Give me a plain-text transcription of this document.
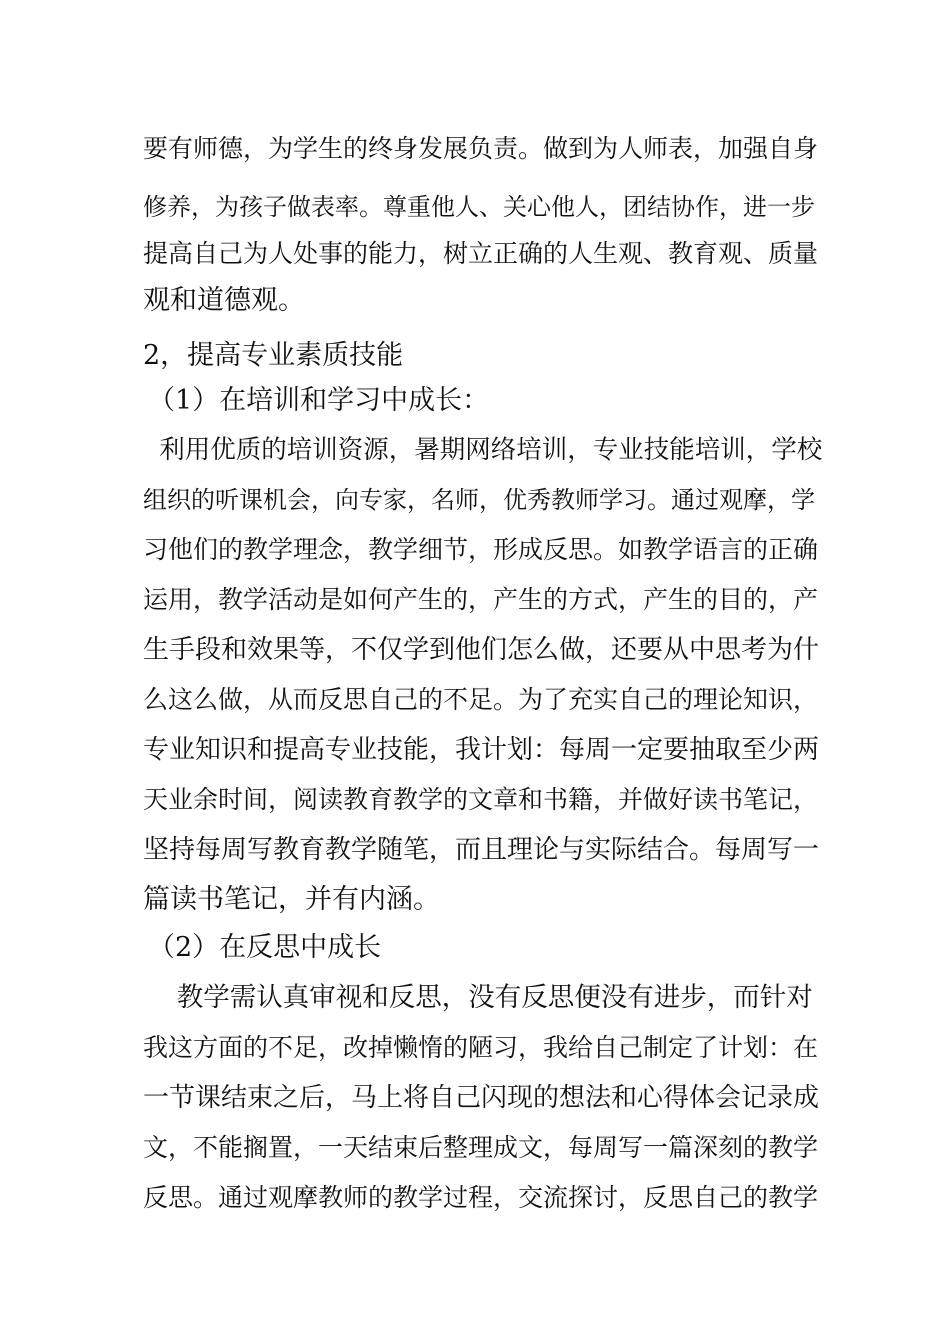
要有师德，为学生的终身发展负责。做到为人师表，加强自身
修养，为孩子做表率。尊重他人、关心他人，团结协作，进一步
提高自己为人处事的能力，树立正确的人生观、教育观、质量
观和道德观。
2，提高专业素质技能
（1）在培训和学习中成长：
利用优质的培训资源，暑期网络培训，专业技能培训，学校
组织的听课机会，向专家，名师，优秀教师学习。通过观摩，学
习他们的教学理念，教学细节，形成反思。如教学语言的正确
运用，教学活动是如何产生的，产生的方式，产生的目的，产
生手段和效果等，不仅学到他们怎么做，还要从中思考为什
么这么做，从而反思自己的不足。为了充实自己的理论知识，
专业知识和提高专业技能，我计划：每周一定要抽取至少两
天业余时间，阅读教育教学的文章和书籍，并做好读书笔记，
坚持每周写教育教学随笔，而且理论与实际结合。每周写一
篇读书笔记，并有内涵。
（2）在反思中成长
教学需认真审视和反思，没有反思便没有进步，而针对
我这方面的不足，改掉懒惰的陋习，我给自己制定了计划：在
一节课结束之后，马上将自己闪现的想法和心得体会记录成
文，不能搁置，一天结束后整理成文，每周写一篇深刻的教学
反思。通过观摩教师的教学过程，交流探讨，反思自己的教学
